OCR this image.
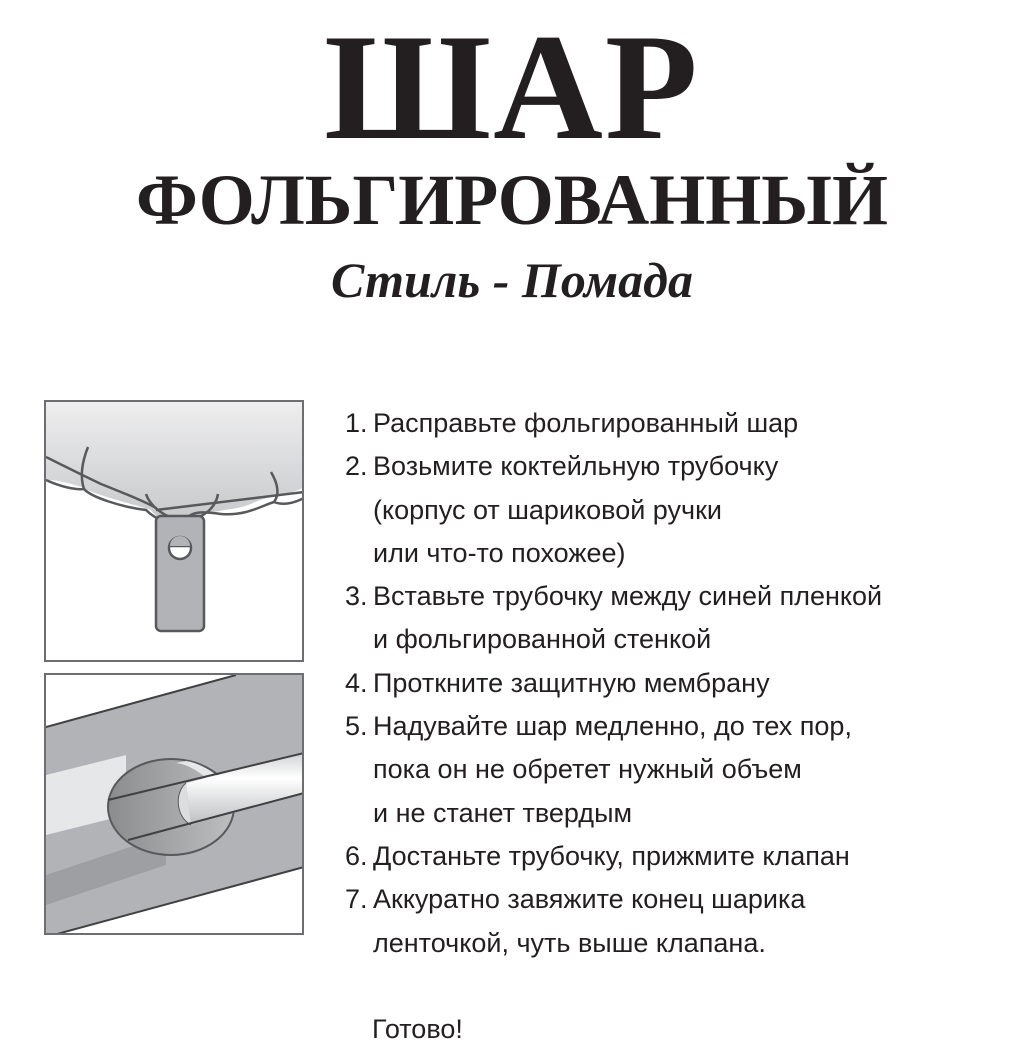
ШАР
ФОЛЬГИРОВАННЫЙ
Стиль - Помада
1. Расправьте фольгированный шар
2. Возьмите коктейльную трубочку
(корпус от шариковой ручки
или что-то похожее)
3. Вставьте трубочку между синей пленкой
и фольгированной стенкой
4. Проткните защитную мембрану
5. Надувайте шар медленно, до тех пор,
пока он не обретет нужный объем
и не станет твердым
6. Достаньте трубочку, прижмите клапан
7. Аккуратно завяжите конец шарика
ленточкой, чуть выше клапана.
Готово!
